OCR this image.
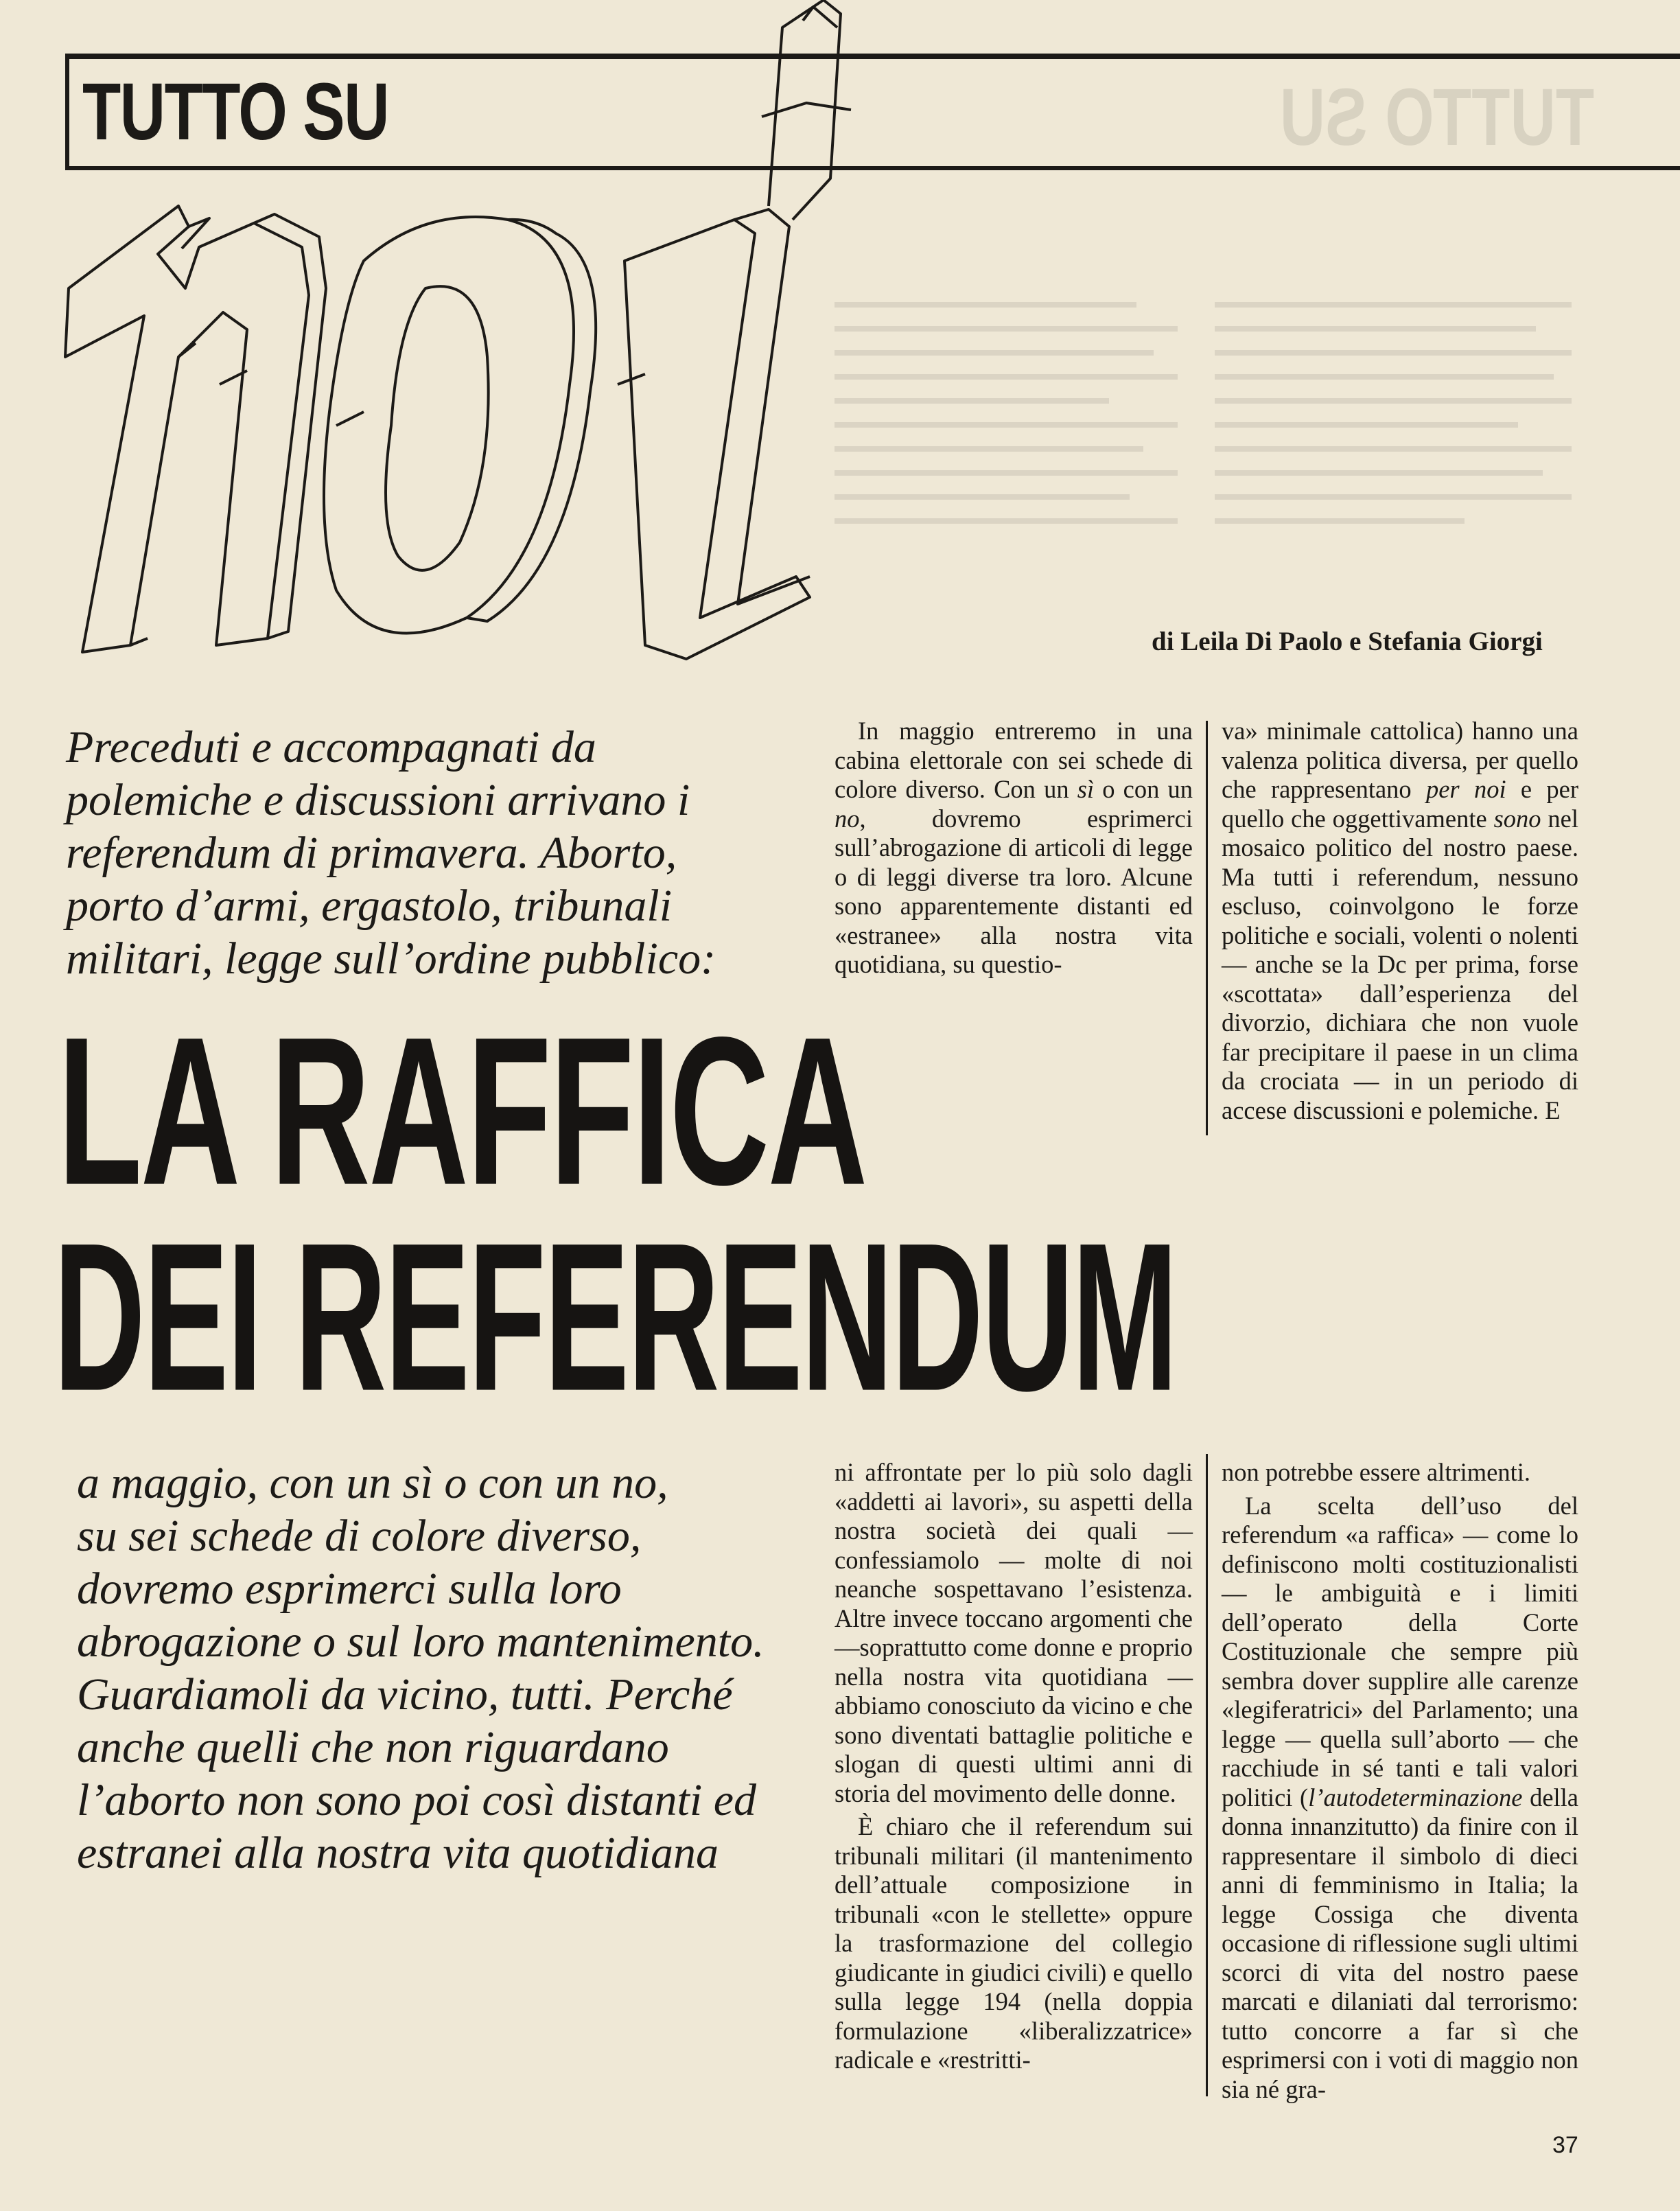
TUTTO SU
TUTTO SU

di Leila Di Paolo e Stefania Giorgi

Preceduti e accompagnati da
polemiche e discussioni arrivano i
referendum di primavera. Aborto,
porto d’armi, ergastolo, tribunali
militari, legge sull’ordine pubblico:

In maggio entreremo in una cabina elettorale con sei schede di colore diverso. Con un sì o con un no, dovremo esprimerci sull’abrogazione di articoli di legge o di leggi diverse tra loro. Alcune sono apparentemente distanti ed «estranee» alla nostra vita quotidiana, su questio-

va» minimale cattolica) hanno una valenza politica diversa, per quello che rappresentano per noi e per quello che oggettivamente sono nel mosaico politico del nostro paese. Ma tutti i referendum, nessuno escluso, coinvolgono le forze politiche e sociali, volenti o nolenti — anche se la Dc per prima, forse «scottata» dall’esperienza del divorzio, dichiara che non vuole far precipitare il paese in un clima da crociata — in un periodo di accese discussioni e polemiche. E

LA RAFFICA
DEI REFERENDUM
a maggio, con un sì o con un no,
su sei schede di colore diverso,
dovremo esprimerci sulla loro
abrogazione o sul loro mantenimento.
Guardiamoli da vicino, tutti. Perché
anche quelli che non riguardano
l’aborto non sono poi così distanti ed
estranei alla nostra vita quotidiana

ni affrontate per lo più solo dagli «addetti ai lavori», su aspetti della nostra società dei quali — confessiamolo — molte di noi neanche sospettavano l’esistenza. Altre invece toccano argomenti che —soprattutto come donne e proprio nella nostra vita quotidiana — abbiamo conosciuto da vicino e che sono diventati battaglie politiche e slogan di questi ultimi anni di storia del movimento delle donne.

È chiaro che il referendum sui tribunali militari (il mantenimento dell’attuale composizione in tribunali «con le stellette» oppure la trasformazione del collegio giudicante in giudici civili) e quello sulla legge 194 (nella doppia formulazione «liberalizzatrice» radicale e «restritti-

non potrebbe essere altrimenti.

La scelta dell’uso del referendum «a raffica» — come lo definiscono molti costituzionalisti — le ambiguità e i limiti dell’operato della Corte Costituzionale che sempre più sembra dover supplire alle carenze «legiferatrici» del Parlamento; una legge — quella sull’aborto — che racchiude in sé tanti e tali valori politici (l’autodeterminazione della donna innanzitutto) da finire con il rappresentare il simbolo di dieci anni di femminismo in Italia; la legge Cossiga che diventa occasione di riflessione sugli ultimi scorci di vita del nostro paese marcati e dilaniati dal terrorismo: tutto concorre a far sì che esprimersi con i voti di maggio non sia né gra-

37
